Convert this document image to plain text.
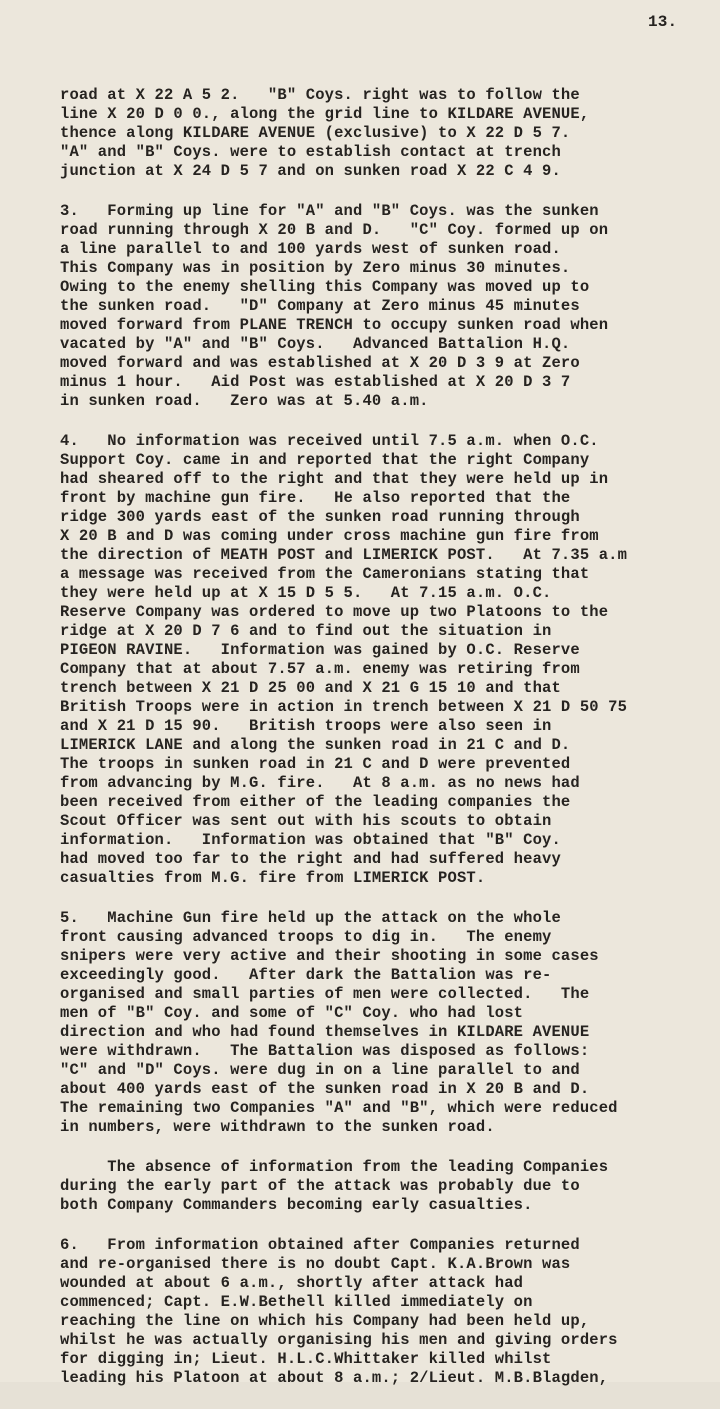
13.
road at X 22 A 5 2.   "B" Coys. right was to follow the
line X 20 D 0 0., along the grid line to KILDARE AVENUE,
thence along KILDARE AVENUE (exclusive) to X 22 D 5 7.
"A" and "B" Coys. were to establish contact at trench
junction at X 24 D 5 7 and on sunken road X 22 C 4 9.
3.   Forming up line for "A" and "B" Coys. was the sunken
road running through X 20 B and D.   "C" Coy. formed up on
a line parallel to and 100 yards west of sunken road.
This Company was in position by Zero minus 30 minutes.
Owing to the enemy shelling this Company was moved up to
the sunken road.   "D" Company at Zero minus 45 minutes
moved forward from PLANE TRENCH to occupy sunken road when
vacated by "A" and "B" Coys.   Advanced Battalion H.Q.
moved forward and was established at X 20 D 3 9 at Zero
minus 1 hour.   Aid Post was established at X 20 D 3 7
in sunken road.   Zero was at 5.40 a.m.
4.   No information was received until 7.5 a.m. when O.C.
Support Coy. came in and reported that the right Company
had sheared off to the right and that they were held up in
front by machine gun fire.   He also reported that the
ridge 300 yards east of the sunken road running through
X 20 B and D was coming under cross machine gun fire from
the direction of MEATH POST and LIMERICK POST.   At 7.35 a.m
a message was received from the Cameronians stating that
they were held up at X 15 D 5 5.   At 7.15 a.m. O.C.
Reserve Company was ordered to move up two Platoons to the
ridge at X 20 D 7 6 and to find out the situation in
PIGEON RAVINE.   Information was gained by O.C. Reserve
Company that at about 7.57 a.m. enemy was retiring from
trench between X 21 D 25 00 and X 21 G 15 10 and that
British Troops were in action in trench between X 21 D 50 75
and X 21 D 15 90.   British troops were also seen in
LIMERICK LANE and along the sunken road in 21 C and D.
The troops in sunken road in 21 C and D were prevented
from advancing by M.G. fire.   At 8 a.m. as no news had
been received from either of the leading companies the
Scout Officer was sent out with his scouts to obtain
information.   Information was obtained that "B" Coy.
had moved too far to the right and had suffered heavy
casualties from M.G. fire from LIMERICK POST.
5.   Machine Gun fire held up the attack on the whole
front causing advanced troops to dig in.   The enemy
snipers were very active and their shooting in some cases
exceedingly good.   After dark the Battalion was re-
organised and small parties of men were collected.   The
men of "B" Coy. and some of "C" Coy. who had lost
direction and who had found themselves in KILDARE AVENUE
were withdrawn.   The Battalion was disposed as follows:
"C" and "D" Coys. were dug in on a line parallel to and
about 400 yards east of the sunken road in X 20 B and D.
The remaining two Companies "A" and "B", which were reduced
in numbers, were withdrawn to the sunken road.
The absence of information from the leading Companies
during the early part of the attack was probably due to
both Company Commanders becoming early casualties.
6.   From information obtained after Companies returned
and re-organised there is no doubt Capt. K.A.Brown was
wounded at about 6 a.m., shortly after attack had
commenced; Capt. E.W.Bethell killed immediately on
reaching the line on which his Company had been held up,
whilst he was actually organising his men and giving orders
for digging in; Lieut. H.L.C.Whittaker killed whilst
leading his Platoon at about 8 a.m.; 2/Lieut. M.B.Blagden,
